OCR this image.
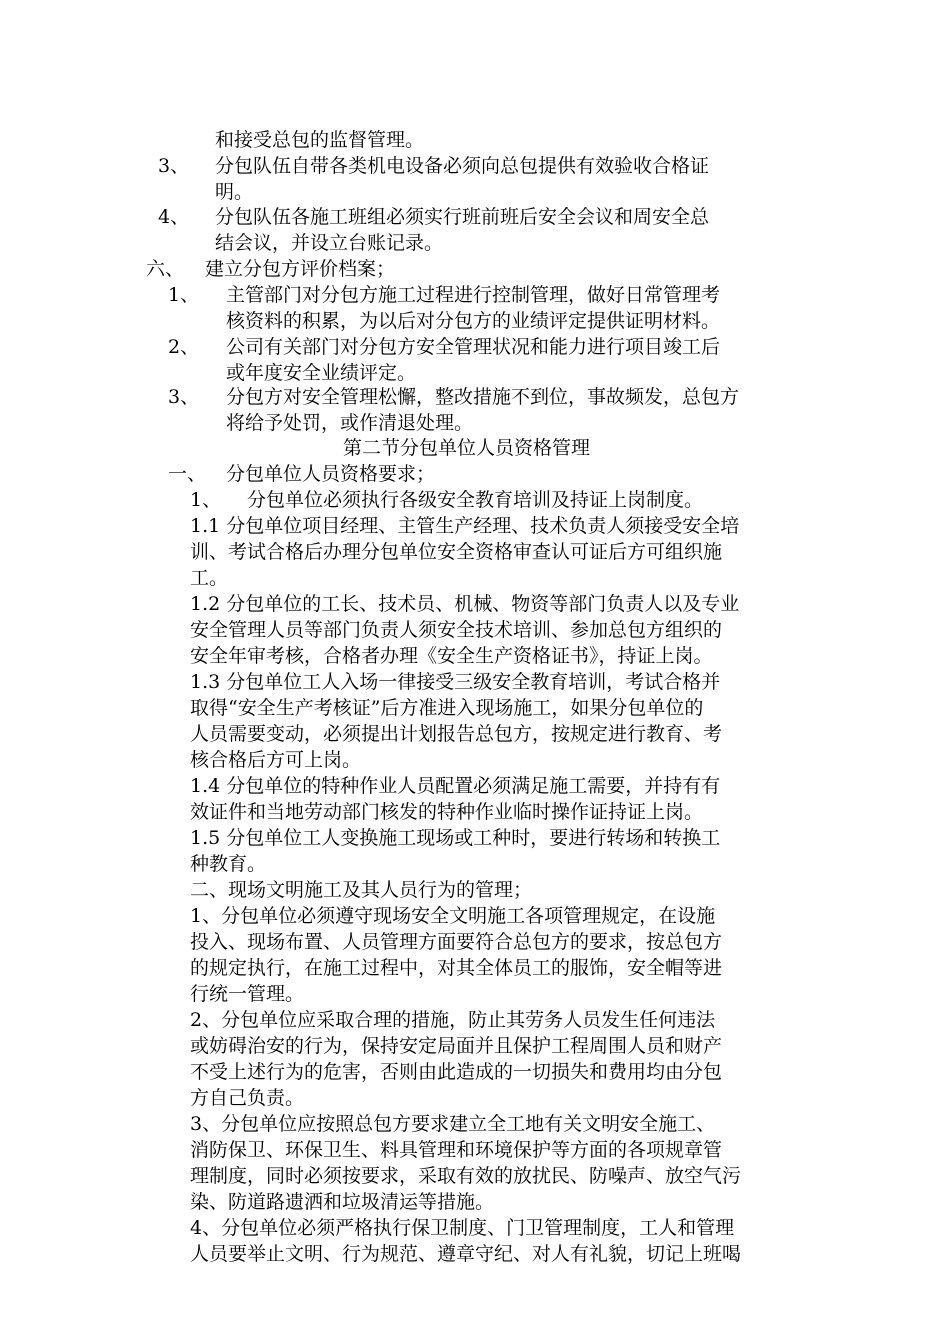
和接受总包的监督管理。
3、 分包队伍自带各类机电设备必须向总包提供有效验收合格证
明。
4、 分包队伍各施工班组必须实行班前班后安全会议和周安全总
结会议，并设立台账记录。
六、 建立分包方评价档案；
1、 主管部门对分包方施工过程进行控制管理，做好日常管理考
核资料的积累，为以后对分包方的业绩评定提供证明材料。
2、 公司有关部门对分包方安全管理状况和能力进行项目竣工后
或年度安全业绩评定。
3、 分包方对安全管理松懈，整改措施不到位，事故频发，总包方
将给予处罚，或作清退处理。
第二节分包单位人员资格管理
一、 分包单位人员资格要求；
1、 分包单位必须执行各级安全教育培训及持证上岗制度。
1.1 分包单位项目经理、主管生产经理、技术负责人须接受安全培
训、考试合格后办理分包单位安全资格审查认可证后方可组织施
工。
1.2 分包单位的工长、技术员、机械、物资等部门负责人以及专业
安全管理人员等部门负责人须安全技术培训、参加总包方组织的
安全年审考核，合格者办理《安全生产资格证书》，持证上岗。
1.3 分包单位工人入场一律接受三级安全教育培训，考试合格并
取得“安全生产考核证”后方准进入现场施工，如果分包单位的
人员需要变动，必须提出计划报告总包方，按规定进行教育、考
核合格后方可上岗。
1.4 分包单位的特种作业人员配置必须满足施工需要，并持有有
效证件和当地劳动部门核发的特种作业临时操作证持证上岗。
1.5 分包单位工人变换施工现场或工种时，要进行转场和转换工
种教育。
二、现场文明施工及其人员行为的管理；
1、分包单位必须遵守现场安全文明施工各项管理规定，在设施
投入、现场布置、人员管理方面要符合总包方的要求，按总包方
的规定执行，在施工过程中，对其全体员工的服饰，安全帽等进
行统一管理。
2、分包单位应采取合理的措施，防止其劳务人员发生任何违法
或妨碍治安的行为，保持安定局面并且保护工程周围人员和财产
不受上述行为的危害，否则由此造成的一切损失和费用均由分包
方自己负责。
3、分包单位应按照总包方要求建立全工地有关文明安全施工、
消防保卫、环保卫生、料具管理和环境保护等方面的各项规章管
理制度，同时必须按要求，采取有效的放扰民、防噪声、放空气污
染、防道路遗洒和垃圾清运等措施。
4、分包单位必须严格执行保卫制度、门卫管理制度，工人和管理
人员要举止文明、行为规范、遵章守纪、对人有礼貌，切记上班喝
